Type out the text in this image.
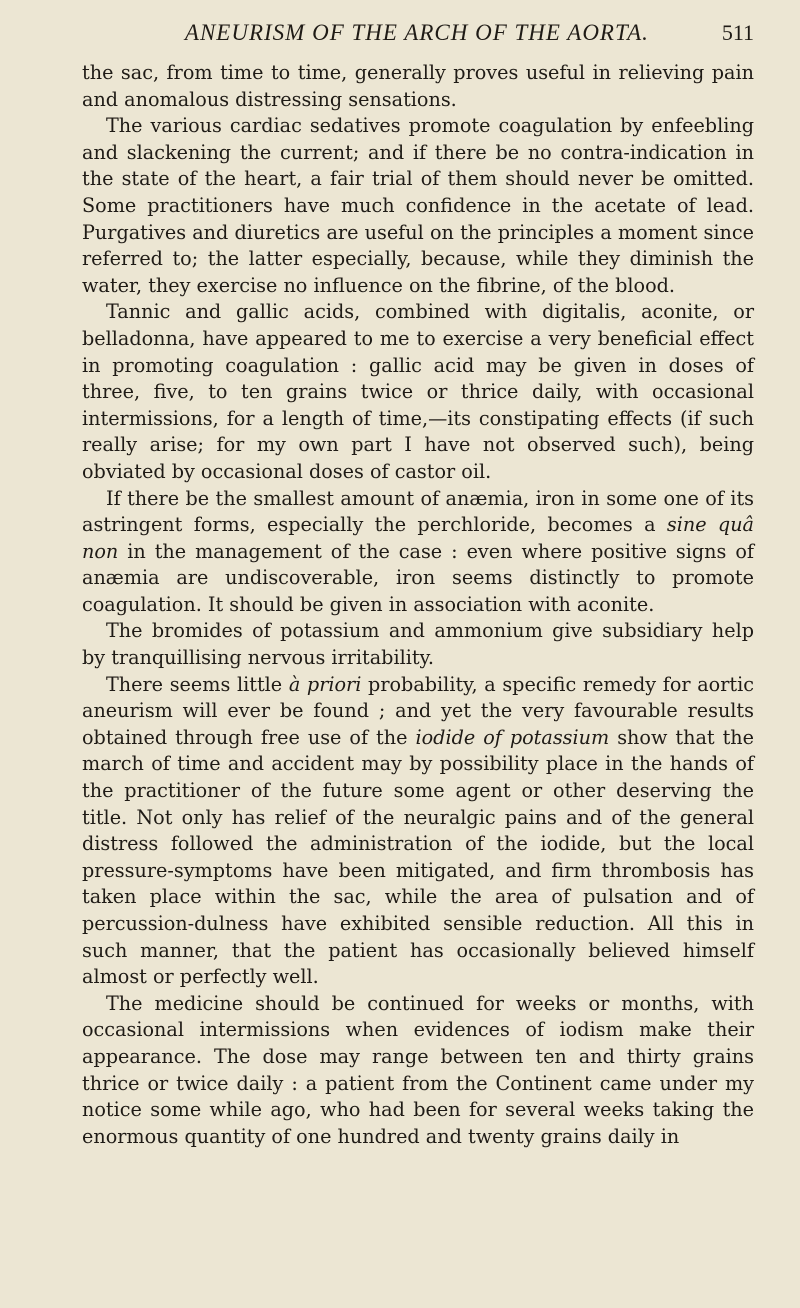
ANEURISM OF THE ARCH OF THE AORTA.	511

the sac, from time to time, generally proves useful in relieving pain and anomalous distressing sensations.

The various cardiac sedatives promote coagulation by enfeebling and slackening the current; and if there be no contra-indication in the state of the heart, a fair trial of them should never be omitted. Some practitioners have much confidence in the acetate of lead. Purgatives and diuretics are useful on the principles a moment since referred to; the latter especially, because, while they diminish the water, they exercise no influence on the fibrine, of the blood.

Tannic and gallic acids, combined with digitalis, aconite, or belladonna, have appeared to me to exercise a very beneficial effect in promoting coagulation : gallic acid may be given in doses of three, five, to ten grains twice or thrice daily, with occasional intermissions, for a length of time,—its constipating effects (if such really arise; for my own part I have not observed such), being obviated by occasional doses of castor oil.

If there be the smallest amount of anæmia, iron in some one of its astringent forms, especially the perchloride, becomes a sine quâ non in the management of the case : even where positive signs of anæmia are undiscoverable, iron seems distinctly to promote coagulation. It should be given in association with aconite.

The bromides of potassium and ammonium give subsidiary help by tranquillising nervous irritability.

There seems little à priori probability, a specific remedy for aortic aneurism will ever be found ; and yet the very favourable results obtained through free use of the iodide of potassium show that the march of time and accident may by possibility place in the hands of the practitioner of the future some agent or other deserving the title. Not only has relief of the neuralgic pains and of the general distress followed the administration of the iodide, but the local pressure-symptoms have been mitigated, and firm thrombosis has taken place within the sac, while the area of pulsation and of percussion-dulness have exhibited sensible reduction. All this in such manner, that the patient has occasionally believed himself almost or perfectly well.

The medicine should be continued for weeks or months, with occasional intermissions when evidences of iodism make their appearance. The dose may range between ten and thirty grains thrice or twice daily : a patient from the Continent came under my notice some while ago, who had been for several weeks taking the enormous quantity of one hundred and twenty grains daily in
